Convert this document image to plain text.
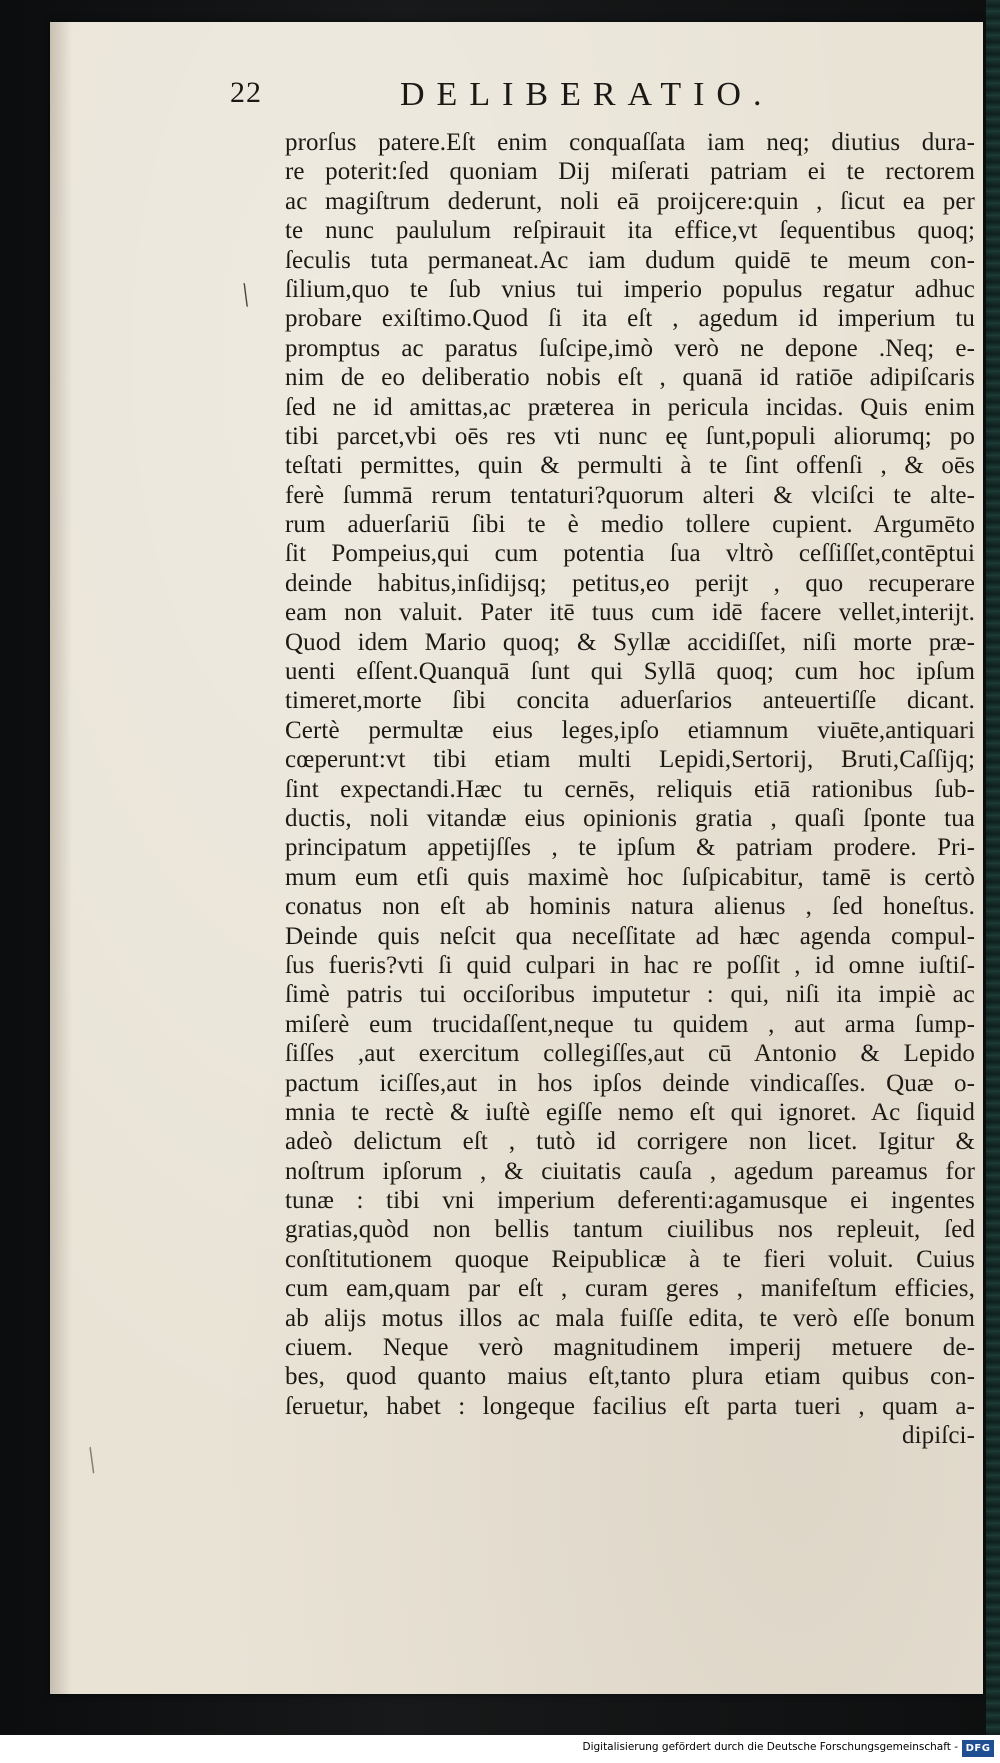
22	DELIBERATIO.
╲
╱
prorſus patere.Eſt enim conquaſſata iam neq; diutius dura-
re poterit:ſed quoniam Dij miſerati patriam ei te rectorem
ac magiſtrum dederunt, noli eā proijcere:quin , ſicut ea per
te nunc paululum reſpirauit ita effice,vt ſequentibus quoq;
ſeculis tuta permaneat.Ac iam dudum quidē te meum con-
ſilium,quo te ſub vnius tui imperio populus regatur adhuc
probare exiſtimo.Quod ſi ita eſt , agedum id imperium tu
promptus ac paratus ſuſcipe,imò verò ne depone .Neq; e-
nim de eo deliberatio nobis eſt , quanā id ratiōe adipiſcaris
ſed ne id amittas,ac præterea in pericula incidas. Quis enim
tibi parcet,vbi oēs res vti nunc eę ſunt,populi aliorumq; po
teſtati permittes, quin & permulti à te ſint offenſi , & oēs
ferè ſummā rerum tentaturi?quorum alteri & vlciſci te alte-
rum aduerſariū ſibi te è medio tollere cupient. Argumēto
ſit Pompeius,qui cum potentia ſua vltrò ceſſiſſet,contēptui
deinde habitus,inſidijsq; petitus,eo perijt , quo recuperare
eam non valuit. Pater itē tuus cum idē facere vellet,interijt.
Quod idem Mario quoq; & Syllæ accidiſſet, niſi morte præ-
uenti eſſent.Quanquā ſunt qui Syllā quoq; cum hoc ipſum
timeret,morte ſibi concita aduerſarios anteuertiſſe dicant.
Certè permultæ eius leges,ipſo etiamnum viuēte,antiquari
cœperunt:vt tibi etiam multi Lepidi,Sertorij, Bruti,Caſſijq;
ſint expectandi.Hæc tu cernēs, reliquis etiā rationibus ſub-
ductis, noli vitandæ eius opinionis gratia , quaſi ſponte tua
principatum appetijſſes , te ipſum & patriam prodere. Pri-
mum eum etſi quis maximè hoc ſuſpicabitur, tamē is certò
conatus non eſt ab hominis natura alienus , ſed honeſtus.
Deinde quis neſcit qua neceſſitate ad hæc agenda compul-
ſus fueris?vti ſi quid culpari in hac re poſſit , id omne iuſtiſ-
ſimè patris tui occiſoribus imputetur : qui, niſi ita impiè ac
miſerè eum trucidaſſent,neque tu quidem , aut arma ſump-
ſiſſes ,aut exercitum collegiſſes,aut cū Antonio & Lepido
pactum iciſſes,aut in hos ipſos deinde vindicaſſes. Quæ o-
mnia te rectè & iuſtè egiſſe nemo eſt qui ignoret. Ac ſiquid
adeò delictum eſt , tutò id corrigere non licet. Igitur &
noſtrum ipſorum , & ciuitatis cauſa , agedum pareamus for
tunæ : tibi vni imperium deferenti:agamusque ei ingentes
gratias,quòd non bellis tantum ciuilibus nos repleuit, ſed
conſtitutionem quoque Reipublicæ à te fieri voluit. Cuius
cum eam,quam par eſt , curam geres , manifeſtum efficies,
ab alijs motus illos ac mala fuiſſe edita, te verò eſſe bonum
ciuem. Neque verò magnitudinem imperij metuere de-
bes, quod quanto maius eſt,tanto plura etiam quibus con-
ſeruetur, habet : longeque facilius eſt parta tueri , quam a-
dipiſci-
Digitalisierung gefördert durch die Deutsche Forschungsgemeinschaft - DFG
